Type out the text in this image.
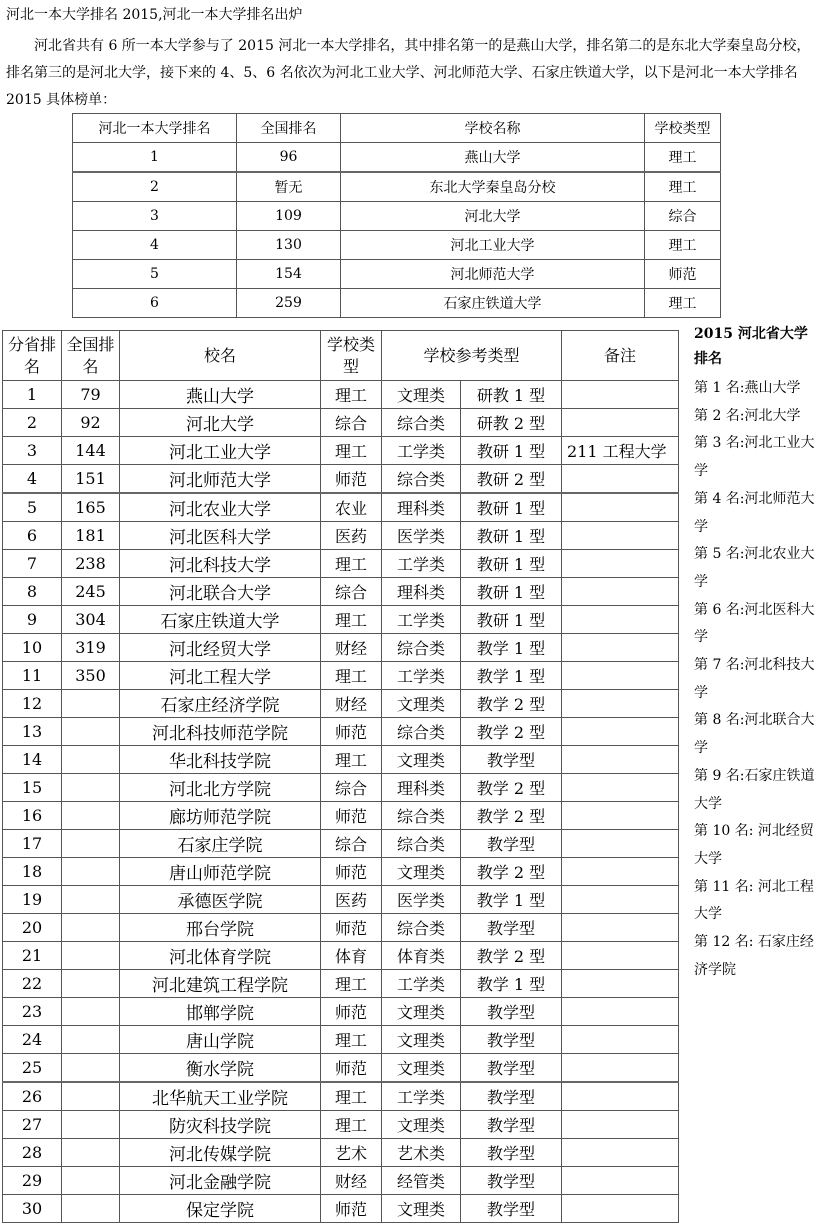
河北一本大学排名 2015,河北一本大学排名出炉
河北省共有 6 所一本大学参与了 2015 河北一本大学排名，其中排名第一的是燕山大学，排名第二的是东北大学秦皇岛分校，排名第三的是河北大学，接下来的 4、5、6 名依次为河北工业大学、河北师范大学、石家庄铁道大学，以下是河北一本大学排名 2015 具体榜单：
河北一本大学排名	全国排名	学校名称	学校类型
1	96	燕山大学	理工
2	暂无	东北大学秦皇岛分校	理工
3	109	河北大学	综合
4	130	河北工业大学	理工
5	154	河北师范大学	师范
6	259	石家庄铁道大学	理工
分省排名	全国排名	校名	学校类型	学校参考类型		备注
1	79	燕山大学	理工	文理类	研教 1 型	
2	92	河北大学	综合	综合类	研教 2 型	
3	144	河北工业大学	理工	工学类	教研 1 型	211 工程大学
4	151	河北师范大学	师范	综合类	教研 2 型	
5	165	河北农业大学	农业	理科类	教研 1 型	
6	181	河北医科大学	医药	医学类	教研 1 型	
7	238	河北科技大学	理工	工学类	教研 1 型	
8	245	河北联合大学	综合	理科类	教研 1 型	
9	304	石家庄铁道大学	理工	工学类	教研 1 型	
10	319	河北经贸大学	财经	综合类	教学 1 型	
11	350	河北工程大学	理工	工学类	教学 1 型	
12		石家庄经济学院	财经	文理类	教学 2 型	
13		河北科技师范学院	师范	综合类	教学 2 型	
14		华北科技学院	理工	文理类	教学型	
15		河北北方学院	综合	理科类	教学 2 型	
16		廊坊师范学院	师范	综合类	教学 2 型	
17		石家庄学院	综合	综合类	教学型	
18		唐山师范学院	师范	文理类	教学 2 型	
19		承德医学院	医药	医学类	教学 1 型	
20		邢台学院	师范	综合类	教学型	
21		河北体育学院	体育	体育类	教学 2 型	
22		河北建筑工程学院	理工	工学类	教学 1 型	
23		邯郸学院	师范	文理类	教学型	
24		唐山学院	理工	文理类	教学型	
25		衡水学院	师范	文理类	教学型	
26		北华航天工业学院	理工	工学类	教学型	
27		防灾科技学院	理工	文理类	教学型	
28		河北传媒学院	艺术	艺术类	教学型	
29		河北金融学院	财经	经管类	教学型	
30		保定学院	师范	文理类	教学型	
2015 河北省大学排名
第 1 名:燕山大学
第 2 名:河北大学
第 3 名:河北工业大学
第 4 名:河北师范大学
第 5 名:河北农业大学
第 6 名:河北医科大学
第 7 名:河北科技大学
第 8 名:河北联合大学
第 9 名:石家庄铁道大学
第 10 名: 河北经贸大学
第 11 名: 河北工程大学
第 12 名: 石家庄经济学院
